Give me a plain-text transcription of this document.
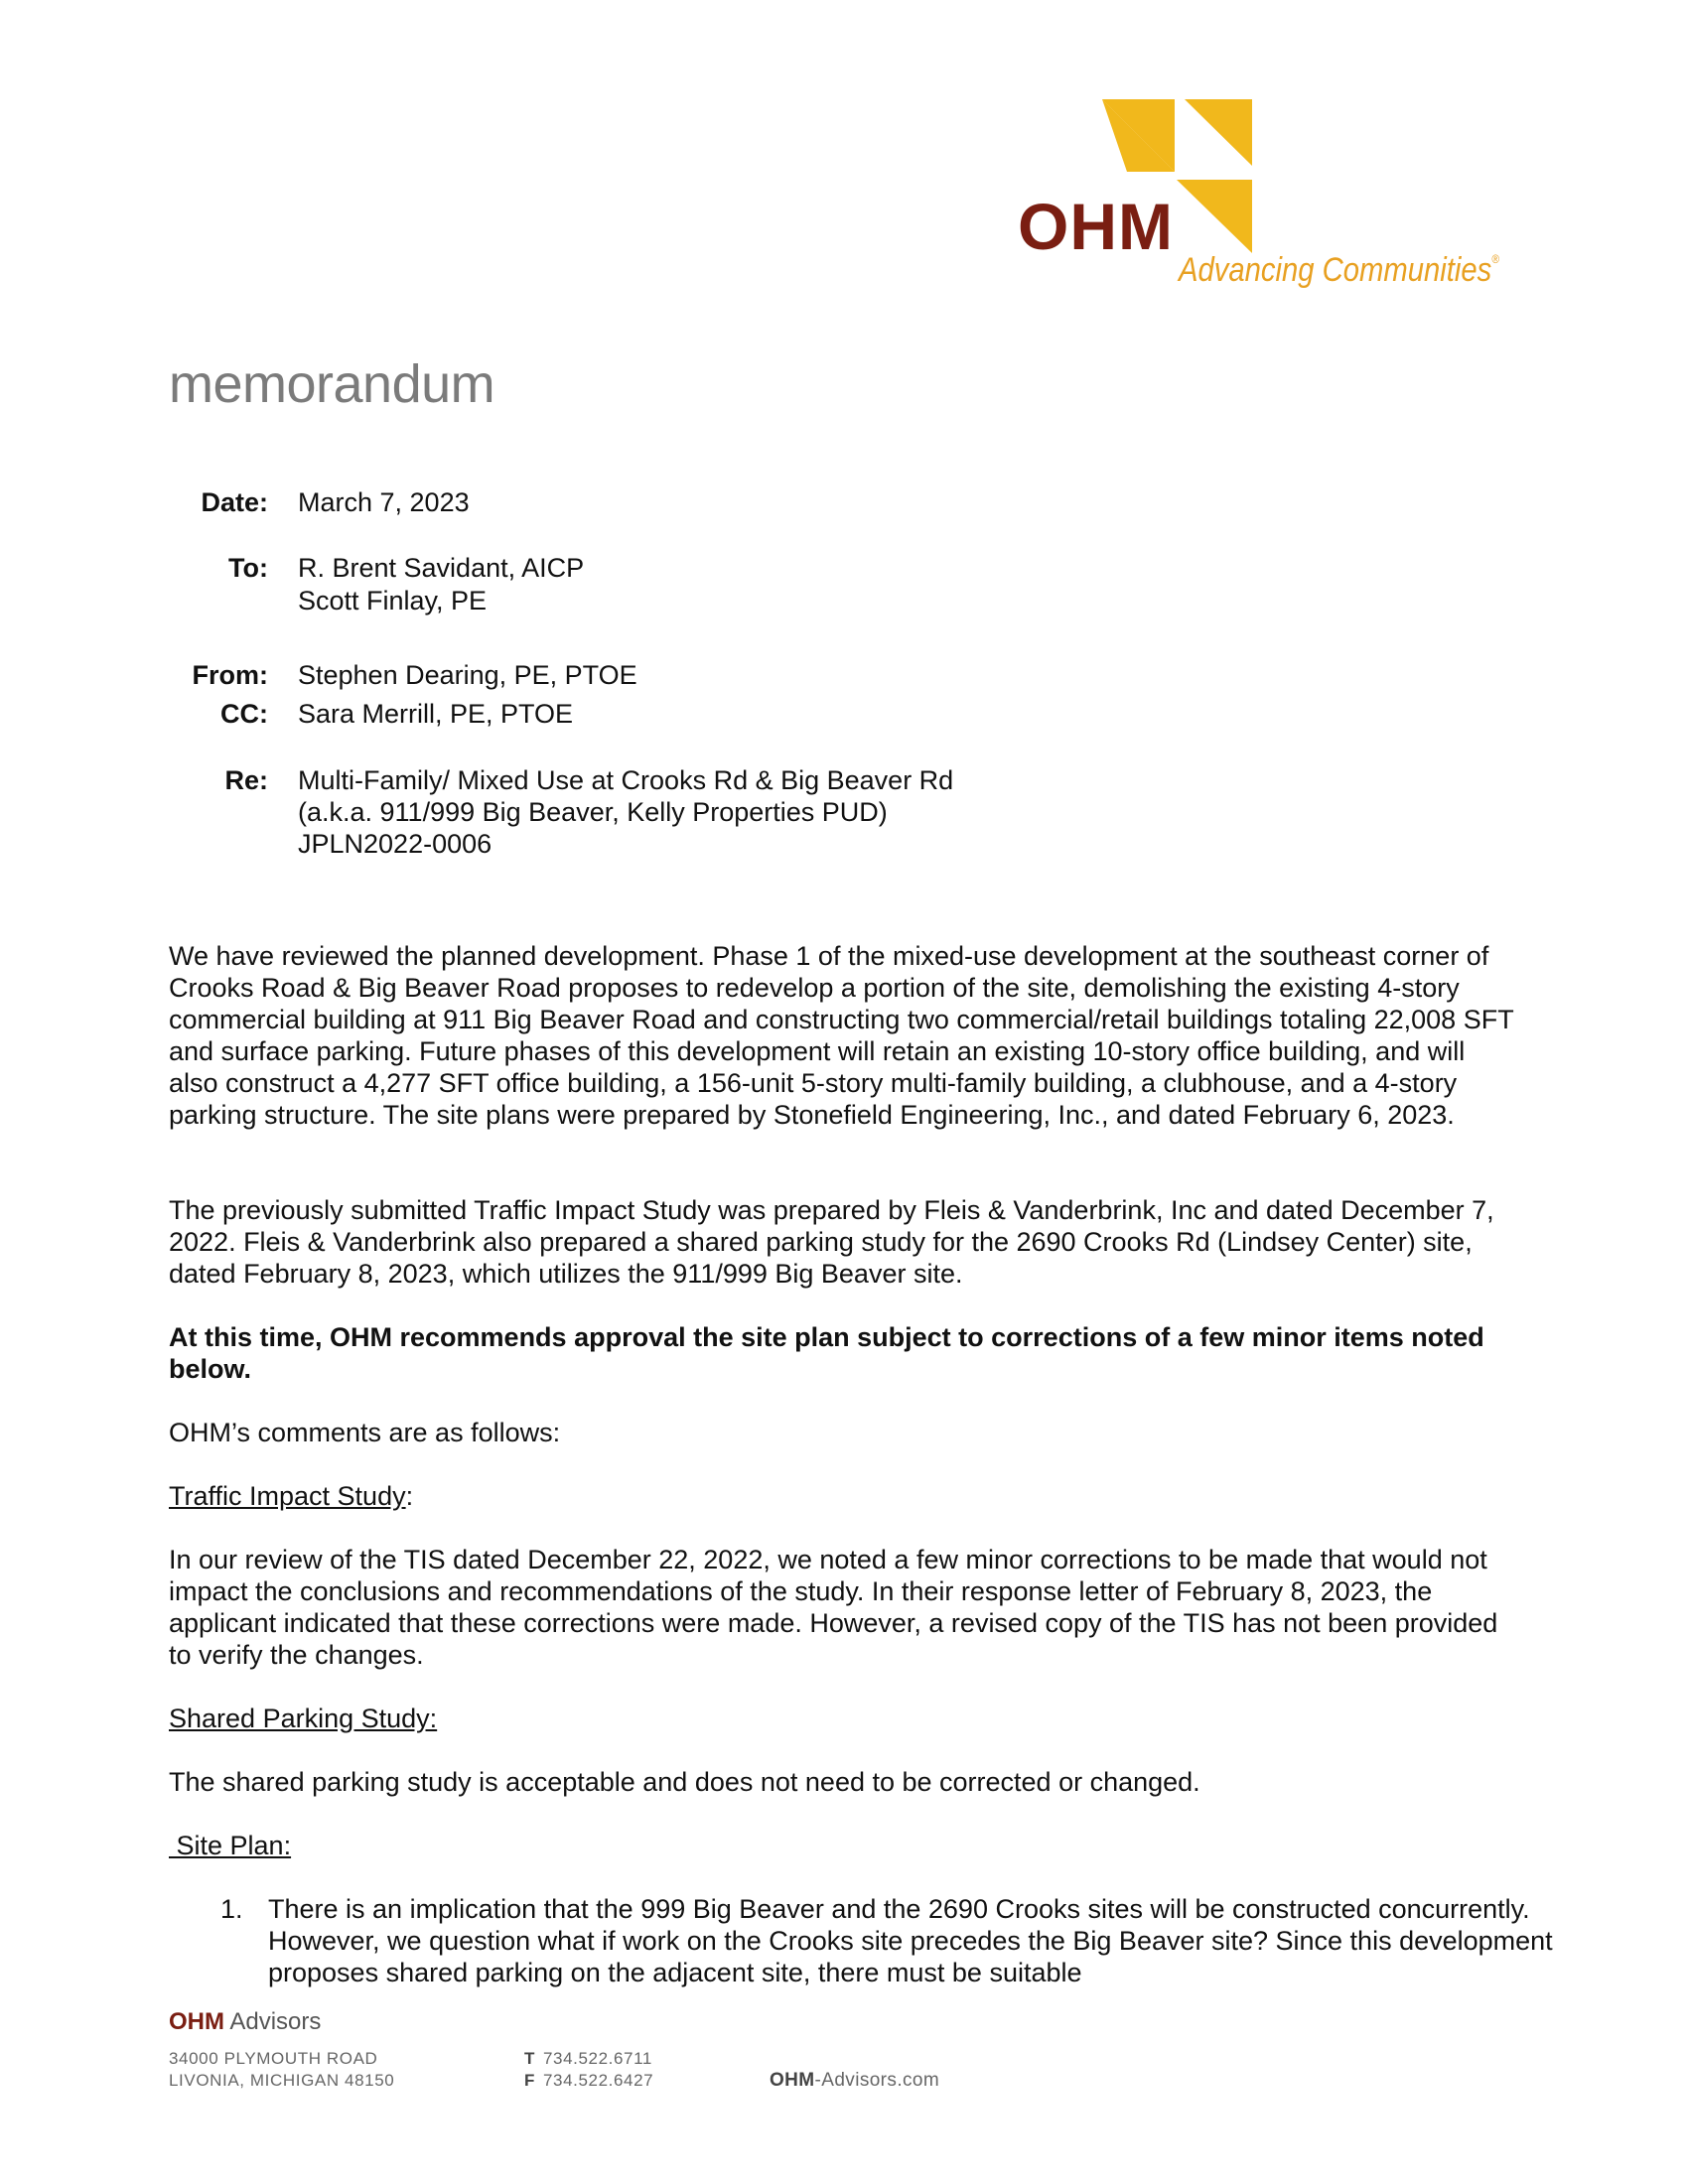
OHM
Advancing Communities®
memorandum
Date: March 7, 2023
To: R. Brent Savidant, AICP
Scott Finlay, PE
From: Stephen Dearing, PE, PTOE
CC: Sara Merrill, PE, PTOE
Re: Multi-Family/ Mixed Use at Crooks Rd & Big Beaver Rd
(a.k.a. 911/999 Big Beaver, Kelly Properties PUD)
JPLN2022-0006

We have reviewed the planned development. Phase 1 of the mixed-use development at the southeast corner of Crooks Road & Big Beaver Road proposes to redevelop a portion of the site, demolishing the existing 4-story commercial building at 911 Big Beaver Road and constructing two commercial/retail buildings totaling 22,008 SFT and surface parking. Future phases of this development will retain an existing 10-story office building, and will also construct a 4,277 SFT office building, a 156-unit 5-story multi-family building, a clubhouse, and a 4-story parking structure. The site plans were prepared by Stonefield Engineering, Inc., and dated February 6, 2023.

The previously submitted Traffic Impact Study was prepared by Fleis & Vanderbrink, Inc and dated December 7, 2022. Fleis & Vanderbrink also prepared a shared parking study for the 2690 Crooks Rd (Lindsey Center) site, dated February 8, 2023, which utilizes the 911/999 Big Beaver site.

At this time, OHM recommends approval the site plan subject to corrections of a few minor items noted below.

OHM’s comments are as follows:

Traffic Impact Study:

In our review of the TIS dated December 22, 2022, we noted a few minor corrections to be made that would not impact the conclusions and recommendations of the study. In their response letter of February 8, 2023, the applicant indicated that these corrections were made. However, a revised copy of the TIS has not been provided to verify the changes.

Shared Parking Study:

The shared parking study is acceptable and does not need to be corrected or changed.

Site Plan:

1. There is an implication that the 999 Big Beaver and the 2690 Crooks sites will be constructed concurrently. However, we question what if work on the Crooks site precedes the Big Beaver site? Since this development proposes shared parking on the adjacent site, there must be suitable
OHM Advisors
34000 PLYMOUTH ROAD
LIVONIA, MICHIGAN 48150
T 734.522.6711
F 734.522.6427	OHM-Advisors.com
